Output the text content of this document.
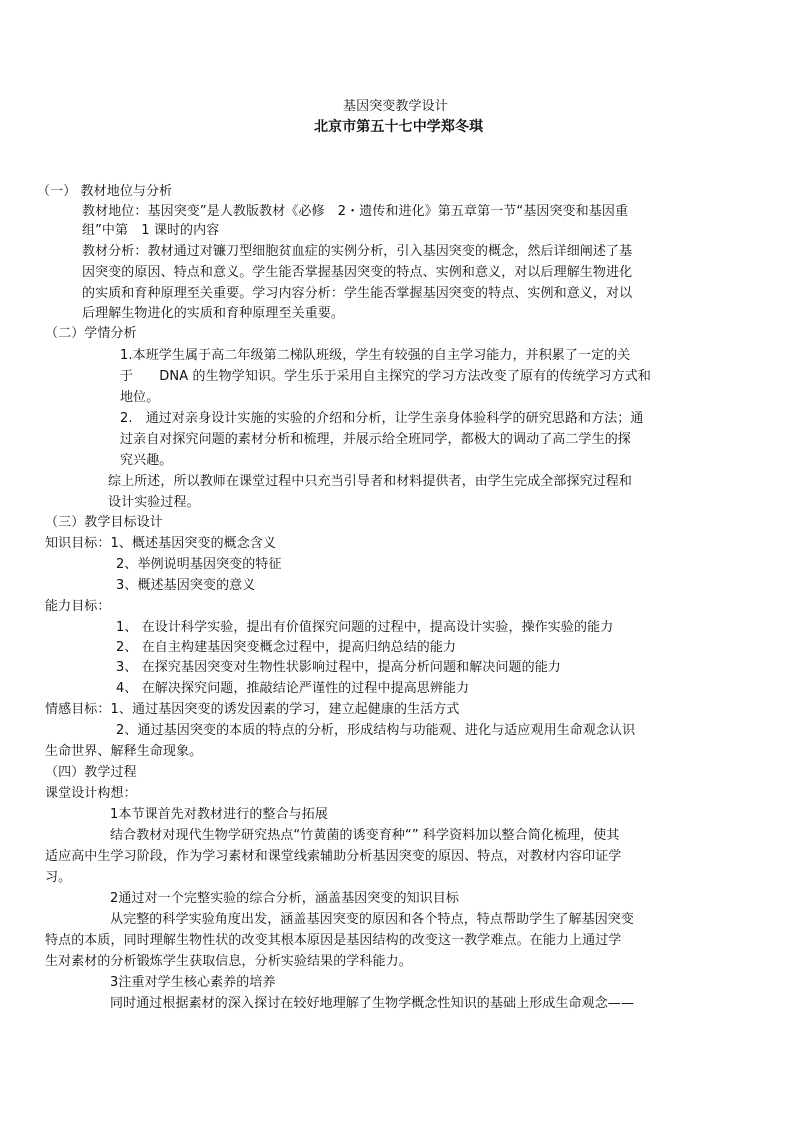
基因突变教学设计
北京市第五十七中学郑冬琪
（一） 教材地位与分析
教材地位：基因突变”是人教版教材《必修　2・遗传和进化》第五章第一节“基因突变和基因重
组”中第　1 课时的内容
教材分析：教材通过对镰刀型细胞贫血症的实例分析，引入基因突变的概念，然后详细阐述了基
因突变的原因、特点和意义。学生能否掌握基因突变的特点、实例和意义，对以后理解生物进化
的实质和育种原理至关重要。学习内容分析：学生能否掌握基因突变的特点、实例和意义，对以
后理解生物进化的实质和育种原理至关重要。
（二）学情分析
1.本班学生属于高二年级第二梯队班级，学生有较强的自主学习能力，并积累了一定的关
于　　DNA 的生物学知识。学生乐于采用自主探究的学习方法改变了原有的传统学习方式和
地位。
2.　通过对亲身设计实施的实验的介绍和分析，让学生亲身体验科学的研究思路和方法；通
过亲自对探究问题的素材分析和梳理，并展示给全班同学，都极大的调动了高二学生的探
究兴趣。
综上所述，所以教师在课堂过程中只充当引导者和材料提供者，由学生完成全部探究过程和
设计实验过程。
（三）教学目标设计
知识目标：1、概述基因突变的概念含义
2、举例说明基因突变的特征
3、概述基因突变的意义
能力目标：
1、 在设计科学实验，提出有价值探究问题的过程中，提高设计实验，操作实验的能力
2、 在自主构建基因突变概念过程中，提高归纳总结的能力
3、 在探究基因突变对生物性状影响过程中，提高分析问题和解决问题的能力
4、 在解决探究问题，推敲结论严谨性的过程中提高思辨能力
情感目标：1、通过基因突变的诱发因素的学习，建立起健康的生活方式
2、通过基因突变的本质的特点的分析，形成结构与功能观、进化与适应观用生命观念认识
生命世界、解释生命现象。
（四）教学过程
课堂设计构想：
1本节课首先对教材进行的整合与拓展
结合教材对现代生物学研究热点“竹黄菌的诱变育种“” 科学资料加以整合简化梳理，使其
适应高中生学习阶段，作为学习素材和课堂线索辅助分析基因突变的原因、特点，对教材内容印证学
习。
2通过对一个完整实验的综合分析，涵盖基因突变的知识目标
从完整的科学实验角度出发，涵盖基因突变的原因和各个特点，特点帮助学生了解基因突变
特点的本质，同时理解生物性状的改变其根本原因是基因结构的改变这一教学难点。在能力上通过学
生对素材的分析锻炼学生获取信息，分析实验结果的学科能力。
3注重对学生核心素养的培养
同时通过根据素材的深入探讨在较好地理解了生物学概念性知识的基础上形成生命观念——
